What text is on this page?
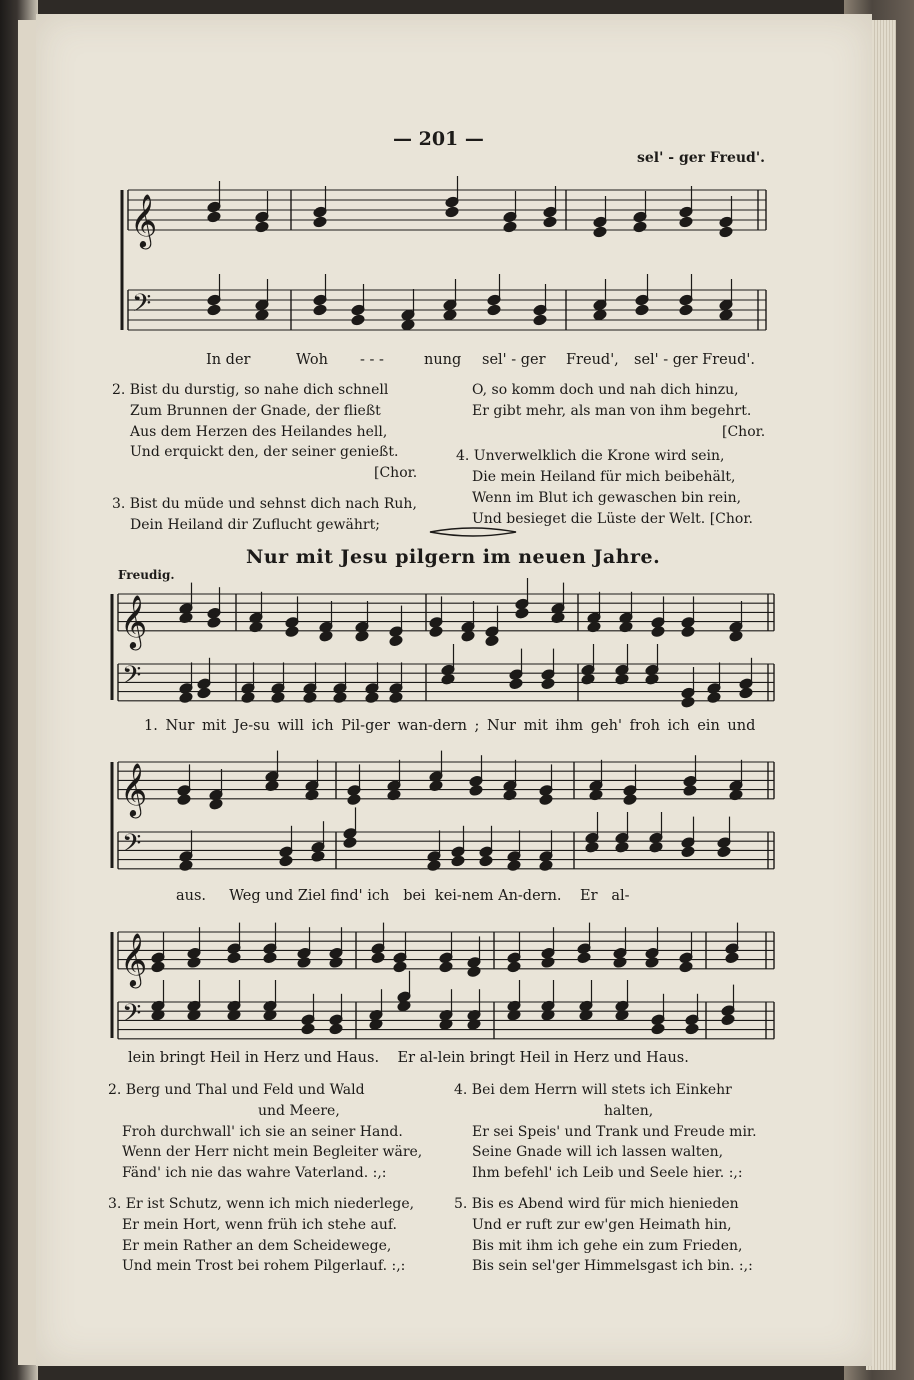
— 201 —
sel' - ger Freud'.
𝄞
𝄢
𝄞
𝄢
𝄞
𝄢
𝄞
𝄢
In der	Woh - - -	nung sel' - ger Freud', sel' - ger Freud'.
2. Bist du durstig, so nahe dich schnell
Zum Brunnen der Gnade, der fließt
Aus dem Herzen des Heilandes hell,
Und erquickt den, der seiner genießt.
[Chor.
3. Bist du müde und sehnst dich nach Ruh,
Dein Heiland dir Zuflucht gewährt;
O, so komm doch und nah dich hinzu,
Er gibt mehr, als man von ihm begehrt.
[Chor.
4. Unverwelklich die Krone wird sein,
Die mein Heiland für mich beibehält,
Wenn im Blut ich gewaschen bin rein,
Und besieget die Lüste der Welt. [Chor.
Nur mit Jesu pilgern im neuen Jahre.
Freudig.
1. Nur mit Je-su will ich Pil-ger wan-dern ; Nur mit ihm geh' froh ich ein und
aus.     Weg und Ziel find' ich   bei  kei-nem An-dern.    Er   al-
lein bringt Heil in Herz und Haus.    Er al-lein bringt Heil in Herz und Haus.
2. Berg und Thal und Feld und Wald
und Meere,
Froh durchwall' ich sie an seiner Hand.
Wenn der Herr nicht mein Begleiter wäre,
Fänd' ich nie das wahre Vaterland. :,:
3. Er ist Schutz, wenn ich mich niederlege,
Er mein Hort, wenn früh ich stehe auf.
Er mein Rather an dem Scheidewege,
Und mein Trost bei rohem Pilgerlauf. :,:
4. Bei dem Herrn will stets ich Einkehr
halten,
Er sei Speis' und Trank und Freude mir.
Seine Gnade will ich lassen walten,
Ihm befehl' ich Leib und Seele hier. :,:
5. Bis es Abend wird für mich hienieden
Und er ruft zur ew'gen Heimath hin,
Bis mit ihm ich gehe ein zum Frieden,
Bis sein sel'ger Himmelsgast ich bin. :,:
